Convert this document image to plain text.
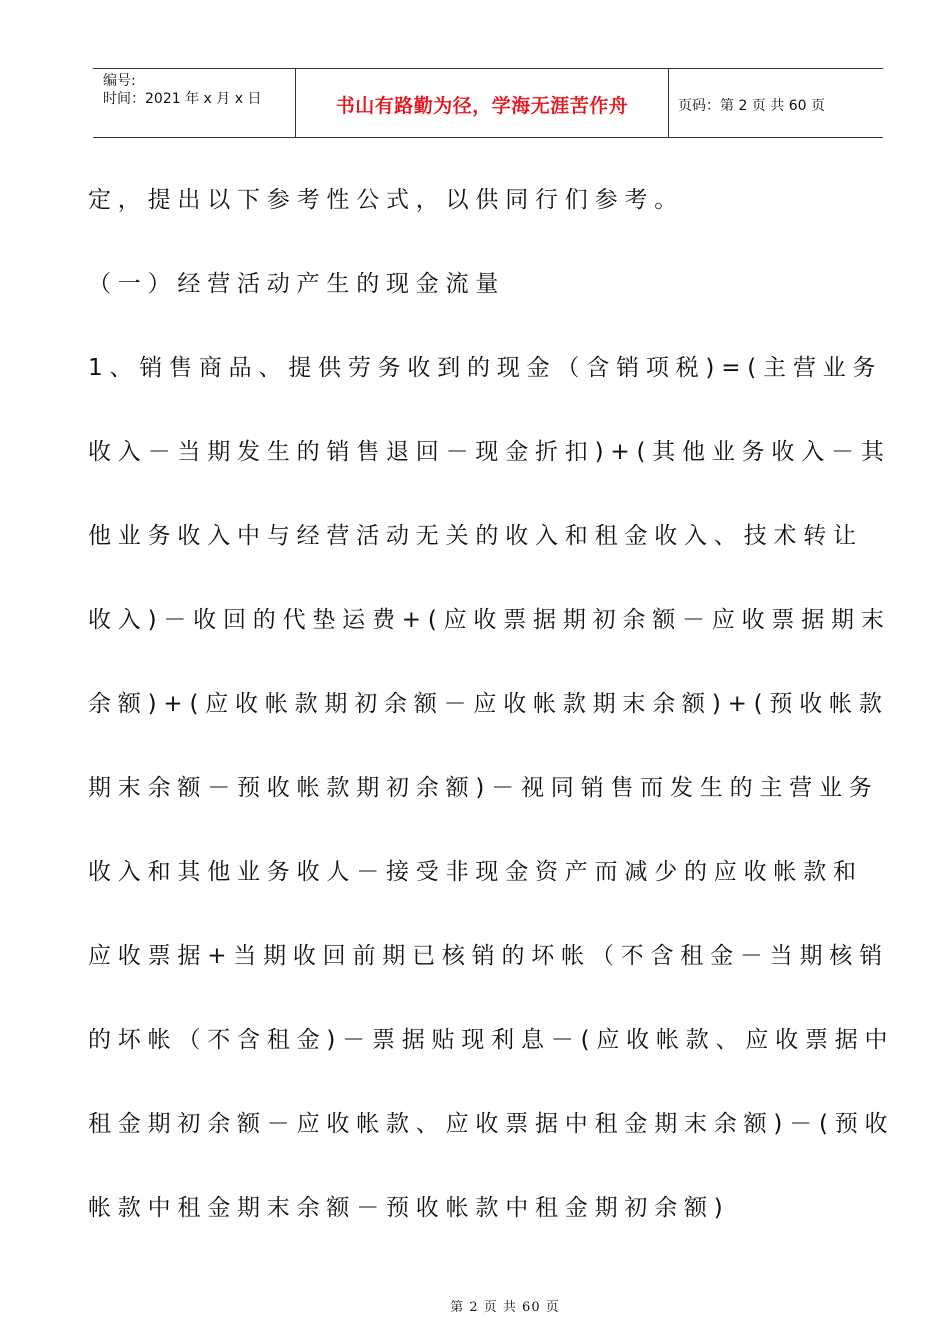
编号:
时间：2021 年 x 月 x 日	书山有路勤为径，学海无涯苦作舟	页码：第 2 页 共 60 页
定，提出以下参考性公式，以供同行们参考。
（一）经营活动产生的现金流量
1、销售商品、提供劳务收到的现金（含销项税)=(主营业务
收入－当期发生的销售退回－现金折扣)+(其他业务收入－其
他业务收入中与经营活动无关的收入和租金收入、技术转让
收入)－收回的代垫运费+(应收票据期初余额－应收票据期末
余额)+(应收帐款期初余额－应收帐款期末余额)+(预收帐款
期末余额－预收帐款期初余额)－视同销售而发生的主营业务
收入和其他业务收人－接受非现金资产而减少的应收帐款和
应收票据+当期收回前期已核销的坏帐（不含租金－当期核销
的坏帐（不含租金)－票据贴现利息－(应收帐款、应收票据中
租金期初余额－应收帐款、应收票据中租金期末余额)－(预收
帐款中租金期末余额－预收帐款中租金期初余额)
第 2 页 共 60 页
